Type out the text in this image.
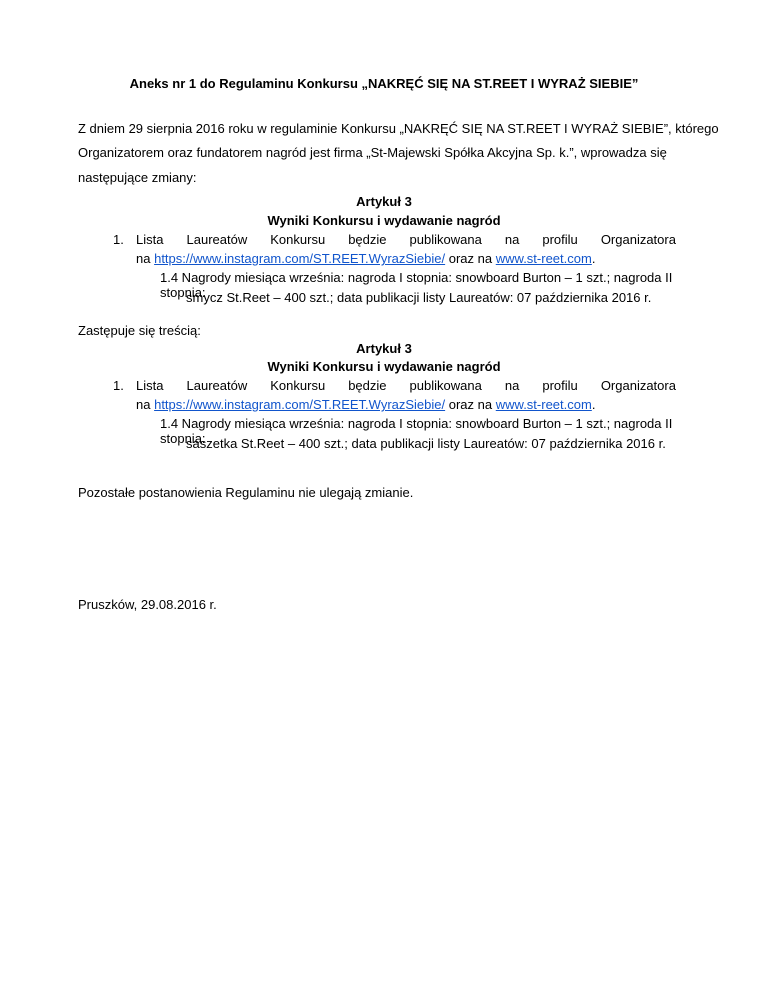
Aneks nr 1 do Regulaminu Konkursu „NAKRĘĆ SIĘ NA ST.REET I WYRAŻ SIEBIE”
Z dniem 29 sierpnia 2016 roku w regulaminie Konkursu „NAKRĘĆ SIĘ NA ST.REET I WYRAŻ SIEBIE”, którego
Organizatorem oraz fundatorem nagród jest firma „St-Majewski Spółka Akcyjna Sp. k.”, wprowadza się
następujące zmiany:
Artykuł 3
Wyniki Konkursu i wydawanie nagród
1. Lista Laureatów Konkursu będzie publikowana na profilu Organizatora
na https://www.instagram.com/ST.REET.WyrazSiebie/ oraz na www.st-reet.com.
1.4 Nagrody miesiąca września: nagroda I stopnia: snowboard Burton – 1 szt.; nagroda II stopnia:
smycz St.Reet – 400 szt.; data publikacji listy Laureatów: 07 października 2016 r.
Zastępuje się treścią:
Artykuł 3
Wyniki Konkursu i wydawanie nagród
1. Lista Laureatów Konkursu będzie publikowana na profilu Organizatora
na https://www.instagram.com/ST.REET.WyrazSiebie/ oraz na www.st-reet.com.
1.4 Nagrody miesiąca września: nagroda I stopnia: snowboard Burton – 1 szt.; nagroda II stopnia:
saszetka St.Reet – 400 szt.; data publikacji listy Laureatów: 07 października 2016 r.
Pozostałe postanowienia Regulaminu nie ulegają zmianie.
Pruszków, 29.08.2016 r.
